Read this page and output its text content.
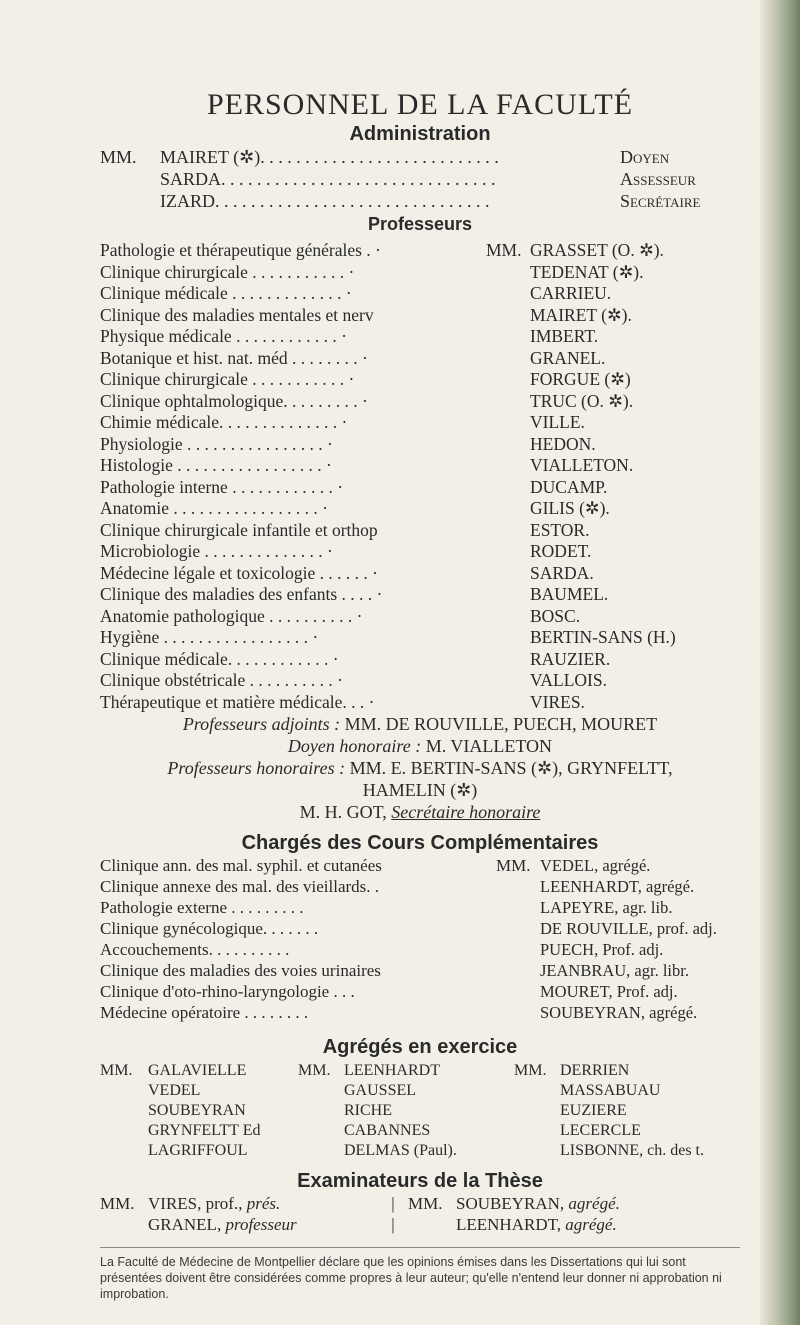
PERSONNEL DE LA FACULTÉ
Administration
MM.	MAIRET (✲) . . . . . . . . . . . . . . . . . . . . . . . . . . .	Doyen
SARDA . . . . . . . . . . . . . . . . . . . . . . . . . . . . . . .	Assesseur
IZARD . . . . . . . . . . . . . . . . . . . . . . . . . . . . . . .	Secrétaire
Professeurs
Pathologie et thérapeutique générales . ·	MM. GRASSET (O. ✲).
Clinique chirurgicale . . . . . . . . . . . ·	TEDENAT (✲).
Clinique médicale . . . . . . . . . . . . . ·	CARRIEU.
Clinique des maladies mentales et nerv	MAIRET (✲).
Physique médicale . . . . . . . . . . . . ·	IMBERT.
Botanique et hist. nat. méd . . . . . . . . ·	GRANEL.
Clinique chirurgicale . . . . . . . . . . . ·	FORGUE (✲)
Clinique ophtalmologique. . . . . . . . . ·	TRUC (O. ✲).
Chimie médicale. . . . . . . . . . . . . . ·	VILLE.
Physiologie . . . . . . . . . . . . . . . . ·	HEDON.
Histologie . . . . . . . . . . . . . . . . . ·	VIALLETON.
Pathologie interne . . . . . . . . . . . . ·	DUCAMP.
Anatomie . . . . . . . . . . . . . . . . . ·	GILIS (✲).
Clinique chirurgicale infantile et orthop	ESTOR.
Microbiologie . . . . . . . . . . . . . . ·	RODET.
Médecine légale et toxicologie . . . . . . ·	SARDA.
Clinique des maladies des enfants . . . . ·	BAUMEL.
Anatomie pathologique . . . . . . . . . . ·	BOSC.
Hygiène . . . . . . . . . . . . . . . . . ·	BERTIN-SANS (H.)
Clinique médicale. . . . . . . . . . . . ·	RAUZIER.
Clinique obstétricale . . . . . . . . . . ·	VALLOIS.
Thérapeutique et matière médicale. . . ·	VIRES.
Professeurs adjoints : MM. DE ROUVILLE, PUECH, MOURET
Doyen honoraire : M. VIALLETON
Professeurs honoraires : MM. E. BERTIN-SANS (✲), GRYNFELTT,
HAMELIN (✲)
M. H. GOT, Secrétaire honoraire
Chargés des Cours Complémentaires
Clinique ann. des mal. syphil. et cutanées	MM. VEDEL, agrégé.
Clinique annexe des mal. des vieillards. .	LEENHARDT, agrégé.
Pathologie externe . . . . . . . . .	LAPEYRE, agr. lib.
Clinique gynécologique. . . . . . .	DE ROUVILLE, prof. adj.
Accouchements. . . . . . . . . .	PUECH, Prof. adj.
Clinique des maladies des voies urinaires	JEANBRAU, agr. libr.
Clinique d'oto-rhino-laryngologie . . .	MOURET, Prof. adj.
Médecine opératoire . . . . . . . .	SOUBEYRAN, agrégé.
Agrégés en exercice
MM. GALAVIELLE	MM. LEENHARDT	MM. DERRIEN
VEDEL	GAUSSEL	MASSABUAU
SOUBEYRAN	RICHE	EUZIERE
GRYNFELTT Ed	CABANNES	LECERCLE
LAGRIFFOUL	DELMAS (Paul).	LISBONNE, ch. des t.
Examinateurs de la Thèse
MM. VIRES, prof., prés.	| MM. SOUBEYRAN, agrégé.
GRANEL, professeur	|	LEENHARDT, agrégé.
La Faculté de Médecine de Montpellier déclare que les opinions émises dans les Dissertations qui lui sont présentées doivent être considérées comme propres à leur auteur; qu'elle n'entend leur donner ni approbation ni improbation.
